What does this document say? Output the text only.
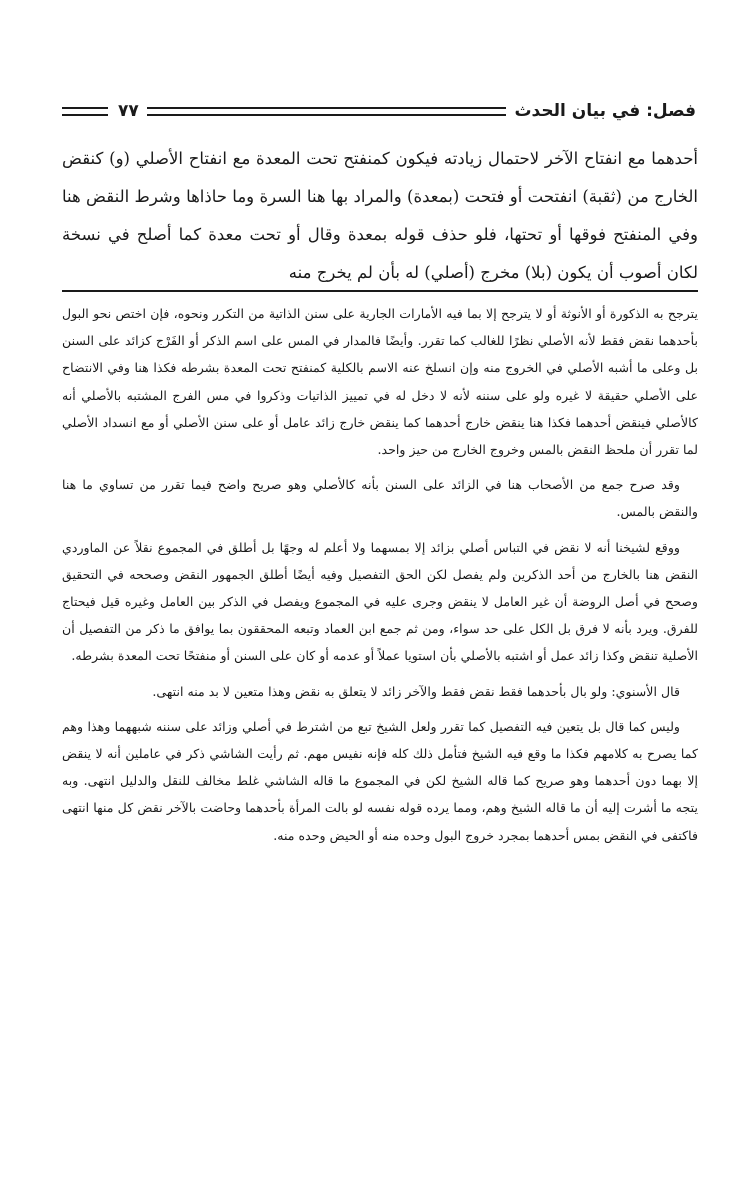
فصل: في بيان الحدث
٧٧

أحدهما مع انفتاح الآخر لاحتمال زيادته فيكون كمنفتح تحت المعدة مع انفتاح الأصلي (و) كنقض الخارج من (ثقبة) انفتحت أو فتحت (بمعدة) والمراد بها هنا السرة وما حاذاها وشرط النقض هنا وفي المنفتح فوقها أو تحتها، فلو حذف قوله بمعدة وقال أو تحت معدة كما أصلح في نسخة لكان أصوب أن يكون (بلا) مخرج (أصلي) له بأن لم يخرج منه

يترجح به الذكورة أو الأنوثة أو لا يترجح إلا بما فيه الأمارات الجارية على سنن الذاتية من التكرر ونحوه، فإن اختص نحو البول بأحدهما نقض فقط لأنه الأصلي نظرًا للغالب كما تقرر. وأيضًا فالمدار في المس على اسم الذكر أو الفَرْج كزائد على السنن بل وعلى ما أشبه الأصلي في الخروج منه وإن انسلخ عنه الاسم بالكلية كمنفتح تحت المعدة بشرطه فكذا هنا وفي الانتضاح على الأصلي حقيقة لا غيره ولو على سننه لأنه لا دخل له في تمييز الذاتيات وذكروا في مس الفرج المشتبه بالأصلي أنه كالأصلي فينقض أحدهما فكذا هنا ينقض خارج أحدهما كما ينقض خارج زائد عامل أو على سنن الأصلي أو مع انسداد الأصلي لما تقرر أن ملحظ النقض بالمس وخروج الخارج من حيز واحد.

وقد صرح جمع من الأصحاب هنا في الزائد على السنن بأنه كالأصلي وهو صريح واضح فيما تقرر من تساوي ما هنا والنقض بالمس.

ووقع لشيخنا أنه لا نقض في التباس أصلي بزائد إلا بمسهما ولا أعلم له وجهًا بل أطلق في المجموع نقلاً عن الماوردي النقض هنا بالخارج من أحد الذكرين ولم يفصل لكن الحق التفصيل وفيه أيضًا أطلق الجمهور النقض وصححه في التحقيق وصحح في أصل الروضة أن غير العامل لا ينقض وجرى عليه في المجموع ويفصل في الذكر بين العامل وغيره قيل فيحتاج للفرق. ويرد بأنه لا فرق بل الكل على حد سواء، ومن ثم جمع ابن العماد وتبعه المحققون بما يوافق ما ذكر من التفصيل أن الأصلية تنقض وكذا زائد عمل أو اشتبه بالأصلي بأن استويا عملاً أو عدمه أو كان على السنن أو منفتحًا تحت المعدة بشرطه.

قال الأسنوي: ولو بال بأحدهما فقط نقض فقط والآخر زائد لا يتعلق به نقض وهذا متعين لا بد منه انتهى.

وليس كما قال بل يتعين فيه التفصيل كما تقرر ولعل الشيخ تبع من اشترط في أصلي وزائد على سننه شبههما وهذا وهم كما يصرح به كلامهم فكذا ما وقع فيه الشيخ فتأمل ذلك كله فإنه نفيس مهم. ثم رأيت الشاشي ذكر في عاملين أنه لا ينقض إلا بهما دون أحدهما وهو صريح كما قاله الشيخ لكن في المجموع ما قاله الشاشي غلط مخالف للنقل والدليل انتهى. وبه يتجه ما أشرت إليه أن ما قاله الشيخ وهم، ومما يرده قوله نفسه لو بالت المرأة بأحدهما وحاضت بالآخر نقض كل منها انتهى فاكتفى في النقض بمس أحدهما بمجرد خروج البول وحده منه أو الحيض وحده منه.
